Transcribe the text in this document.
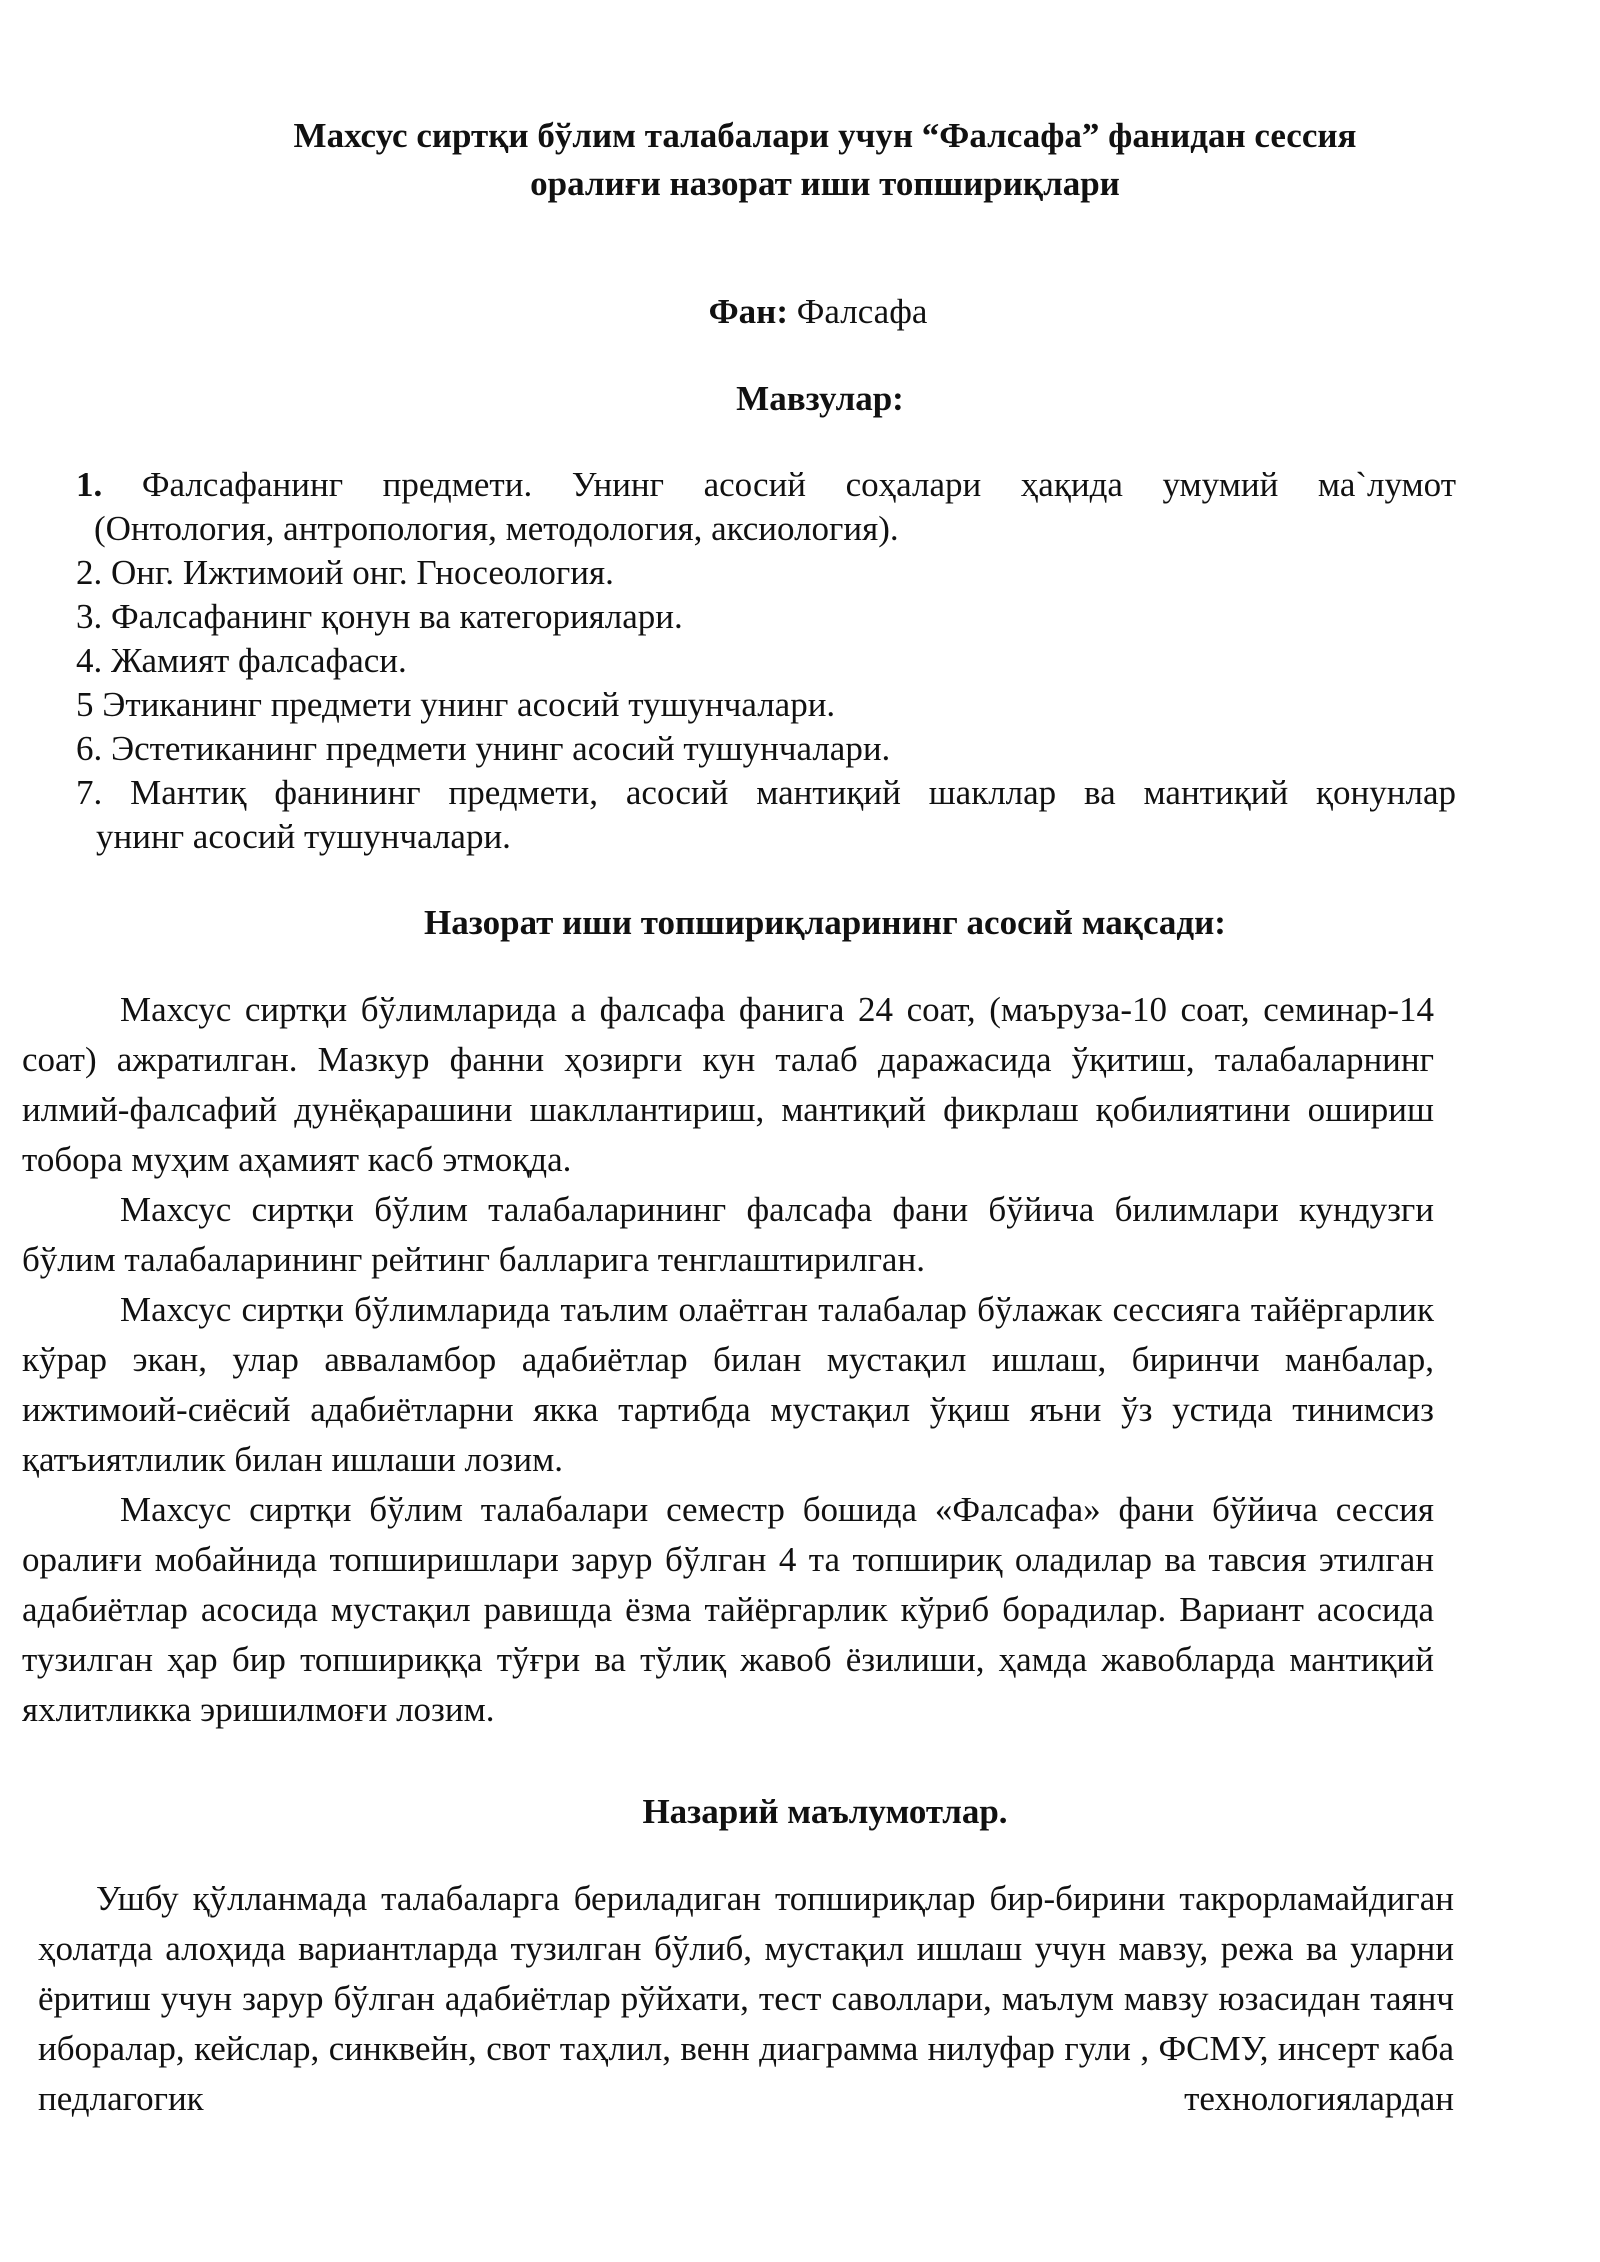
Махсус сиртқи бўлим талабалари учун “Фалсафа” фанидан сессия
оралиғи назорат иши топшириқлари

Фан: Фалсафа

Мавзулар:

1. Фалсафанинг предмети. Унинг асосий соҳалари ҳақида умумий ма`лумот
(Онтология, антропология, методология, аксиология).
2. Онг. Ижтимоий онг. Гносеология.
3. Фалсафанинг қонун ва категориялари.
4. Жамият фалсафаси.
5 Этиканинг предмети унинг асосий тушунчалари.
6. Эстетиканинг предмети унинг асосий тушунчалари.
7. Мантиқ фанининг предмети, асосий мантиқий шакллар ва мантиқий қонунлар
унинг асосий тушунчалари.

Назорат иши топшириқларининг асосий мақсади:

Махсус сиртқи бўлимларида а фалсафа фанига 24 соат, (маъруза-10 соат, семинар-14 соат) ажратилган. Мазкур фанни ҳозирги кун талаб даражасида ўқитиш, талабаларнинг илмий-фалсафий дунёқарашини шакллантириш, мантиқий фикрлаш қобилиятини ошириш тобора муҳим аҳамият касб этмоқда.

Махсус сиртқи бўлим талабаларининг фалсафа фани бўйича билимлари кундузги бўлим талабаларининг рейтинг балларига тенглаштирилган.

Махсус сиртқи бўлимларида таълим олаётган талабалар бўлажак сессияга тайёргарлик кўрар экан, улар авваламбор адабиётлар билан мустақил ишлаш, биринчи манбалар, ижтимоий-сиёсий адабиётларни якка тартибда мустақил ўқиш яъни ўз устида тинимсиз қатъиятлилик билан ишлаши лозим.

Махсус сиртқи бўлим талабалари семестр бошида «Фалсафа» фани бўйича сессия оралиғи мобайнида топширишлари зарур бўлган 4 та топшириқ оладилар ва тавсия этилган адабиётлар асосида мустақил равишда ёзма тайёргарлик кўриб борадилар. Вариант асосида тузилган ҳар бир топшириққа тўғри ва тўлиқ жавоб ёзилиши, ҳамда жавобларда мантиқий яхлитликка эришилмоғи лозим.

Назарий маълумотлар.

Ушбу қўлланмада талабаларга бериладиган топшириқлар бир-бирини такрорламайдиган ҳолатда алоҳида вариантларда тузилган бўлиб, мустақил ишлаш учун мавзу, режа ва уларни ёритиш учун зарур бўлган адабиётлар рўйхати, тест саволлари, маълум мавзу юзасидан таянч иборалар, кейслар, синквейн, свот таҳлил, венн диаграмма нилуфар гули , ФСМУ, инсерт каба педлагогик технологиялардан
